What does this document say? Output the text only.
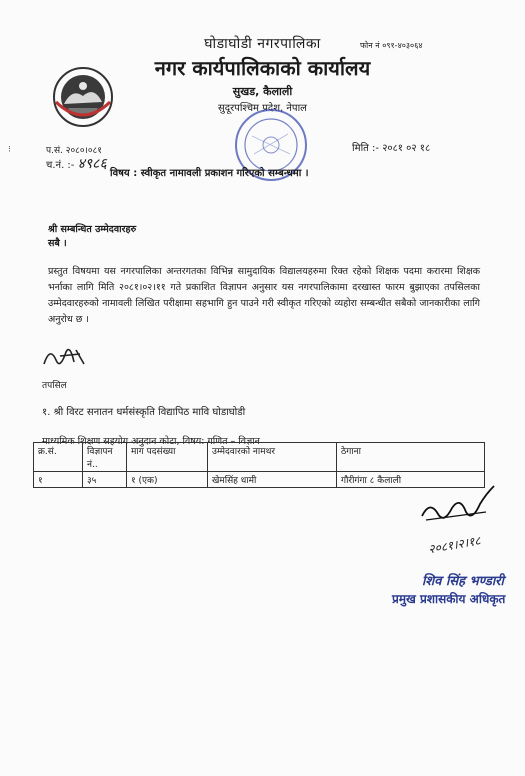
घोडाघोडी नगरपालिका
नगर कार्यपालिकाको कार्यालय
सुखड, कैलाली
सुदूरपश्चिम प्रदेश, नेपाल
फोन नं ०९१-४०३०६४
⁝	प.सं. २०८०।०८१
च.नं. :- ४९८६
मिति :- २०८१ ०२ १८
विषय : स्वीकृत नामावली प्रकाशन गरिएको सम्बन्धमा ।
श्री सम्बन्धित उम्मेदवारहरु
सबै ।
प्रस्तुत विषयमा यस नगरपालिका अन्तरगतका विभिन्न सामुदायिक विद्यालयहरुमा रिक्त रहेको शिक्षक पदमा करारमा शिक्षक भर्नाका लागि मिति २०८१।०२।११ गते प्रकाशित विज्ञापन अनुसार यस नगरपालिकामा दरखास्त फारम बुझाएका तपसिलका उम्मेदवारहरुको नामावली लिखित परीक्षामा सहभागि हुन पाउने गरी स्वीकृत गरिएको व्यहोरा सम्बन्धीत सबैको जानकारीका लागि अनुरोध छ ।
तपसिल
१. श्री विरट सनातन धर्मसंस्कृति विद्यापिठ मावि घोडाघोडी
माध्यमिक शिक्षण सहयोग अनुदान कोटा, विषय: गणित – विज्ञान
क्र.सं.	विज्ञापन नं..	माग पदसंख्या	उम्मेदवारको नामथर	ठेगाना
१	३५	१ (एक)	खेमसिंह धामी	गौरीगंगा ८ कैलाली
२०८१।२।१८
शिव सिंह भण्डारी
प्रमुख प्रशासकीय अधिकृत
